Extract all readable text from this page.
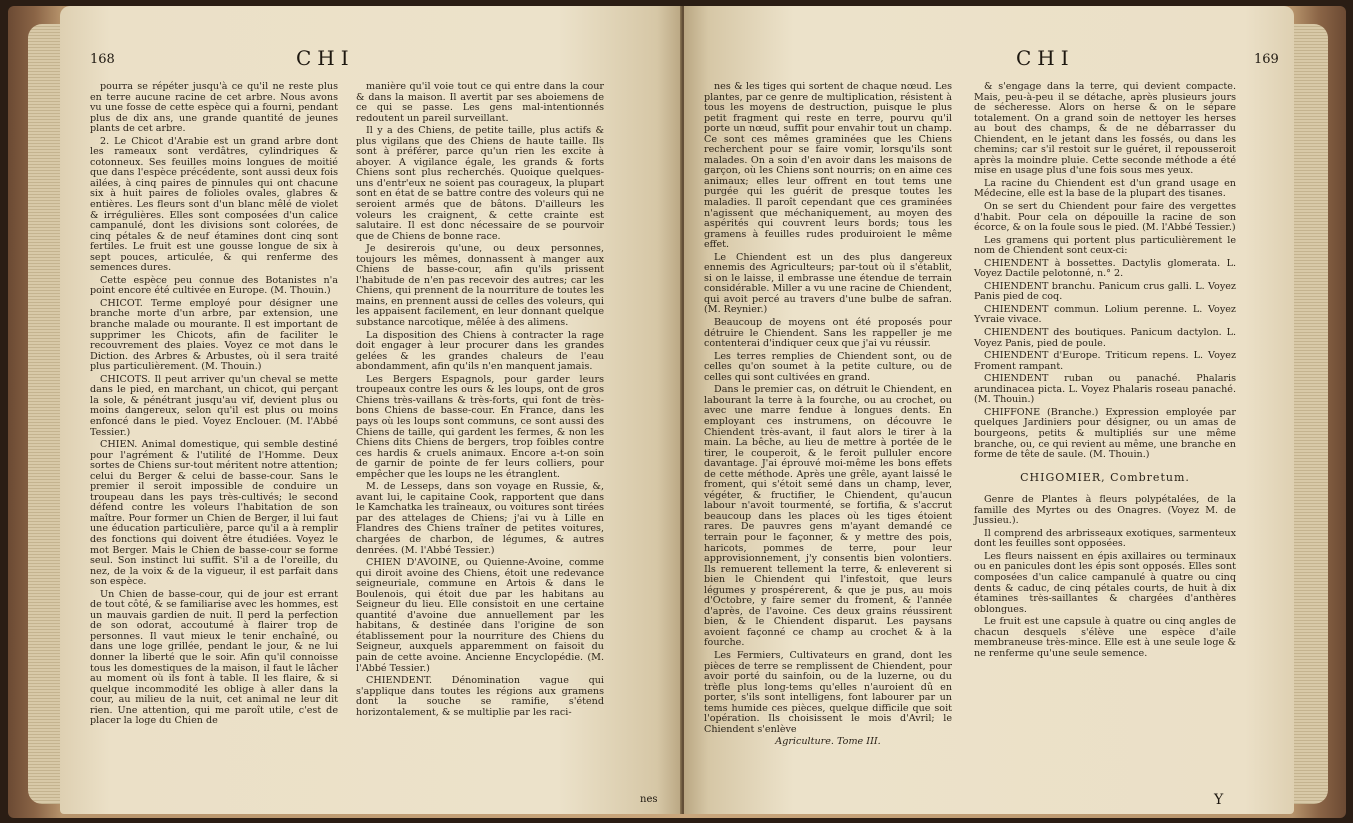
168	CHI

pourra se répéter jusqu'à ce qu'il ne reste plus en terre aucune racine de cet arbre. Nous avons vu une fosse de cette espèce qui a fourni, pendant plus de dix ans, une grande quantité de jeunes plants de cet arbre.

2. Le Chicot d'Arabie est un grand arbre dont les rameaux sont verdâtres, cylindriques & cotonneux. Ses feuilles moins longues de moitié que dans l'espèce précédente, sont aussi deux fois ailées, à cinq paires de pinnules qui ont chacune six à huit paires de folioles ovales, glabres & entières. Les fleurs sont d'un blanc mêlé de violet & irrégulières. Elles sont composées d'un calice campanulé, dont les divisions sont colorées, de cinq pétales & de neuf étamines dont cinq sont fertiles. Le fruit est une gousse longue de six à sept pouces, articulée, & qui renferme des semences dures.

Cette espèce peu connue des Botanistes n'a point encore été cultivée en Europe. (M. Thouin.)

CHICOT. Terme employé pour désigner une branche morte d'un arbre, par extension, une branche malade ou mourante. Il est important de supprimer les Chicots, afin de faciliter le recouvrement des plaies. Voyez ce mot dans le Diction. des Arbres & Arbustes, où il sera traité plus particulièrement. (M. Thouin.)

CHICOTS. Il peut arriver qu'un cheval se mette dans le pied, en marchant, un chicot, qui perçant la sole, & pénétrant jusqu'au vif, devient plus ou moins dangereux, selon qu'il est plus ou moins enfoncé dans le pied. Voyez Enclouer. (M. l'Abbé Tessier.)

CHIEN. Animal domestique, qui semble destiné pour l'agrément & l'utilité de l'Homme. Deux sortes de Chiens sur-tout méritent notre attention; celui du Berger & celui de basse-cour. Sans le premier il seroit impossible de conduire un troupeau dans les pays très-cultivés; le second défend contre les voleurs l'habitation de son maître. Pour former un Chien de Berger, il lui faut une éducation particulière, parce qu'il a à remplir des fonctions qui doivent être étudiées. Voyez le mot Berger. Mais le Chien de basse-cour se forme seul. Son instinct lui suffit. S'il a de l'oreille, du nez, de la voix & de la vigueur, il est parfait dans son espèce.

Un Chien de basse-cour, qui de jour est errant de tout côté, & se familiarise avec les hommes, est un mauvais gardien de nuit. Il perd la perfection de son odorat, accoutumé à flairer trop de personnes. Il vaut mieux le tenir enchaîné, ou dans une loge grillée, pendant le jour, & ne lui donner la liberté que le soir. Afin qu'il connoisse tous les domestiques de la maison, il faut le lâcher au moment où ils font à table. Il les flaire, & si quelque incommodité les oblige à aller dans la cour, au milieu de la nuit, cet animal ne leur dit rien. Une attention, qui me paroît utile, c'est de placer la loge du Chien de

manière qu'il voie tout ce qui entre dans la cour & dans la maison. Il avertit par ses aboiemens de ce qui se passe. Les gens mal-intentionnés redoutent un pareil surveillant.

Il y a des Chiens, de petite taille, plus actifs & plus vigilans que des Chiens de haute taille. Ils sont à préférer, parce qu'un rien les excite à aboyer. A vigilance égale, les grands & forts Chiens sont plus recherchés. Quoique quelques-uns d'entr'eux ne soient pas courageux, la plupart sont en état de se battre contre des voleurs qui ne seroient armés que de bâtons. D'ailleurs les voleurs les craignent, & cette crainte est salutaire. Il est donc nécessaire de se pourvoir que de Chiens de bonne race.

Je desirerois qu'une, ou deux personnes, toujours les mêmes, donnassent à manger aux Chiens de basse-cour, afin qu'ils prissent l'habitude de n'en pas recevoir des autres; car les Chiens, qui prennent de la nourriture de toutes les mains, en prennent aussi de celles des voleurs, qui les appaisent facilement, en leur donnant quelque substance narcotique, mêlée à des alimens.

La disposition des Chiens à contracter la rage doit engager à leur procurer dans les grandes gelées & les grandes chaleurs de l'eau abondamment, afin qu'ils n'en manquent jamais.

Les Bergers Espagnols, pour garder leurs troupeaux contre les ours & les loups, ont de gros Chiens très-vaillans & très-forts, qui font de très-bons Chiens de basse-cour. En France, dans les pays où les loups sont communs, ce sont aussi des Chiens de taille, qui gardent les fermes, & non les Chiens dits Chiens de bergers, trop foibles contre ces hardis & cruels animaux. Encore a-t-on soin de garnir de pointe de fer leurs colliers, pour empêcher que les loups ne les étranglent.

M. de Lesseps, dans son voyage en Russie, &, avant lui, le capitaine Cook, rapportent que dans le Kamchatka les traîneaux, ou voitures sont tirées par des attelages de Chiens; j'ai vu à Lille en Flandres des Chiens traîner de petites voitures, chargées de charbon, de légumes, & autres denrées. (M. l'Abbé Tessier.)

CHIEN D'AVOINE, ou Quienne-Avoine, comme qui diroit avoine des Chiens, étoit une redevance seigneuriale, commune en Artois & dans le Boulenois, qui étoit due par les habitans au Seigneur du lieu. Elle consistoit en une certaine quantité d'avoine due annuellement par les habitans, & destinée dans l'origine de son établissement pour la nourriture des Chiens du Seigneur, auxquels apparemment on faisoit du pain de cette avoine. Ancienne Encyclopédie. (M. l'Abbé Tessier.)

CHIENDENT. Dénomination vague qui s'applique dans toutes les régions aux gramens dont la souche se ramifie, s'étend horizontalement, & se multiplie par les raci-

nes
CHI	169

nes & les tiges qui sortent de chaque nœud. Les plantes, par ce genre de multiplication, résistent à tous les moyens de destruction, puisque le plus petit fragment qui reste en terre, pourvu qu'il porte un nœud, suffit pour envahir tout un champ. Ce sont ces mêmes graminées que les Chiens recherchent pour se faire vomir, lorsqu'ils sont malades. On a soin d'en avoir dans les maisons de garçon, où les Chiens sont nourris; on en aime ces animaux; elles leur offrent en tout tems une purgée qui les guérit de presque toutes les maladies. Il paroît cependant que ces graminées n'agissent que méchaniquement, au moyen des aspérités qui couvrent leurs bords; tous les gramens à feuilles rudes produiroient le même effet.

Le Chiendent est un des plus dangereux ennemis des Agriculteurs; par-tout où il s'établit, si on le laisse, il embrasse une étendue de terrain considérable. Miller a vu une racine de Chiendent, qui avoit percé au travers d'une bulbe de safran. (M. Reynier.)

Beaucoup de moyens ont été proposés pour détruire le Chiendent. Sans les rappeller je me contenterai d'indiquer ceux que j'ai vu réussir.

Les terres remplies de Chiendent sont, ou de celles qu'on soumet à la petite culture, ou de celles qui sont cultivées en grand.

Dans le premier cas, on détruit le Chiendent, en labourant la terre à la fourche, ou au crochet, ou avec une marre fendue à longues dents. En employant ces instrumens, on découvre le Chiendent très-avant, il faut alors le tirer à la main. La bêche, au lieu de mettre à portée de le tirer, le couperoit, & le feroit pulluler encore davantage. J'ai éprouvé moi-même les bons effets de cette méthode. Après une grêle, ayant laissé le froment, qui s'étoit semé dans un champ, lever, végéter, & fructifier, le Chiendent, qu'aucun labour n'avoit tourmenté, se fortifia, & s'accrut beaucoup dans les places où les tiges étoient rares. De pauvres gens m'ayant demandé ce terrain pour le façonner, & y mettre des pois, haricots, pommes de terre, pour leur approvisionnement, j'y consentis bien volontiers. Ils remuerent tellement la terre, & enleverent si bien le Chiendent qui l'infestoit, que leurs légumes y prospérerent, & que je pus, au mois d'Octobre, y faire semer du froment, & l'année d'après, de l'avoine. Ces deux grains réussirent bien, & le Chiendent disparut. Les paysans avoient façonné ce champ au crochet & à la fourche.

Les Fermiers, Cultivateurs en grand, dont les pièces de terre se remplissent de Chiendent, pour avoir porté du sainfoin, ou de la luzerne, ou du trèfle plus long-tems qu'elles n'auroient dû en porter, s'ils sont intelligens, font labourer par un tems humide ces pièces, quelque difficile que soit l'opération. Ils choisissent le mois d'Avril; le Chiendent s'enlève

Agriculture. Tome III.

& s'engage dans la terre, qui devient compacte. Mais, peu-à-peu il se détache, après plusieurs jours de sécheresse. Alors on herse & on le sépare totalement. On a grand soin de nettoyer les herses au bout des champs, & de ne débarrasser du Chiendent, en le jetant dans les fossés, ou dans les chemins; car s'il restoit sur le guéret, il repousseroit après la moindre pluie. Cette seconde méthode a été mise en usage plus d'une fois sous mes yeux.

La racine du Chiendent est d'un grand usage en Médecine, elle est la base de la plupart des tisanes.

On se sert du Chiendent pour faire des vergettes d'habit. Pour cela on dépouille la racine de son écorce, & on la foule sous le pied. (M. l'Abbé Tessier.)

Les gramens qui portent plus particulièrement le nom de Chiendent sont ceux-ci:

CHIENDENT à bossettes. Dactylis glomerata. L. Voyez Dactile pelotonné, n.° 2.

CHIENDENT branchu. Panicum crus galli. L. Voyez Panis pied de coq.

CHIENDENT commun. Lolium perenne. L. Voyez Yvraie vivace.

CHIENDENT des boutiques. Panicum dactylon. L. Voyez Panis, pied de poule.

CHIENDENT d'Europe. Triticum repens. L. Voyez Froment rampant.

CHIENDENT ruban ou panaché. Phalaris arundinacea picta. L. Voyez Phalaris roseau panaché. (M. Thouin.)

CHIFFONE (Branche.) Expression employée par quelques Jardiniers pour désigner, ou un amas de bourgeons, petits & multipliés sur une même branche, ou, ce qui revient au même, une branche en forme de tête de saule. (M. Thouin.)

CHIGOMIER, Combretum.

Genre de Plantes à fleurs polypétalées, de la famille des Myrtes ou des Onagres. (Voyez M. de Jussieu.).

Il comprend des arbrisseaux exotiques, sarmenteux dont les feuilles sont opposées.

Les fleurs naissent en épis axillaires ou terminaux ou en panicules dont les épis sont opposés. Elles sont composées d'un calice campanulé à quatre ou cinq dents & caduc, de cinq pétales courts, de huit à dix étamines très-saillantes & chargées d'anthères oblongues.

Le fruit est une capsule à quatre ou cinq angles de chacun desquels s'élève une espèce d'aile membraneuse très-mince. Elle est à une seule loge & ne renferme qu'une seule semence.

Y
